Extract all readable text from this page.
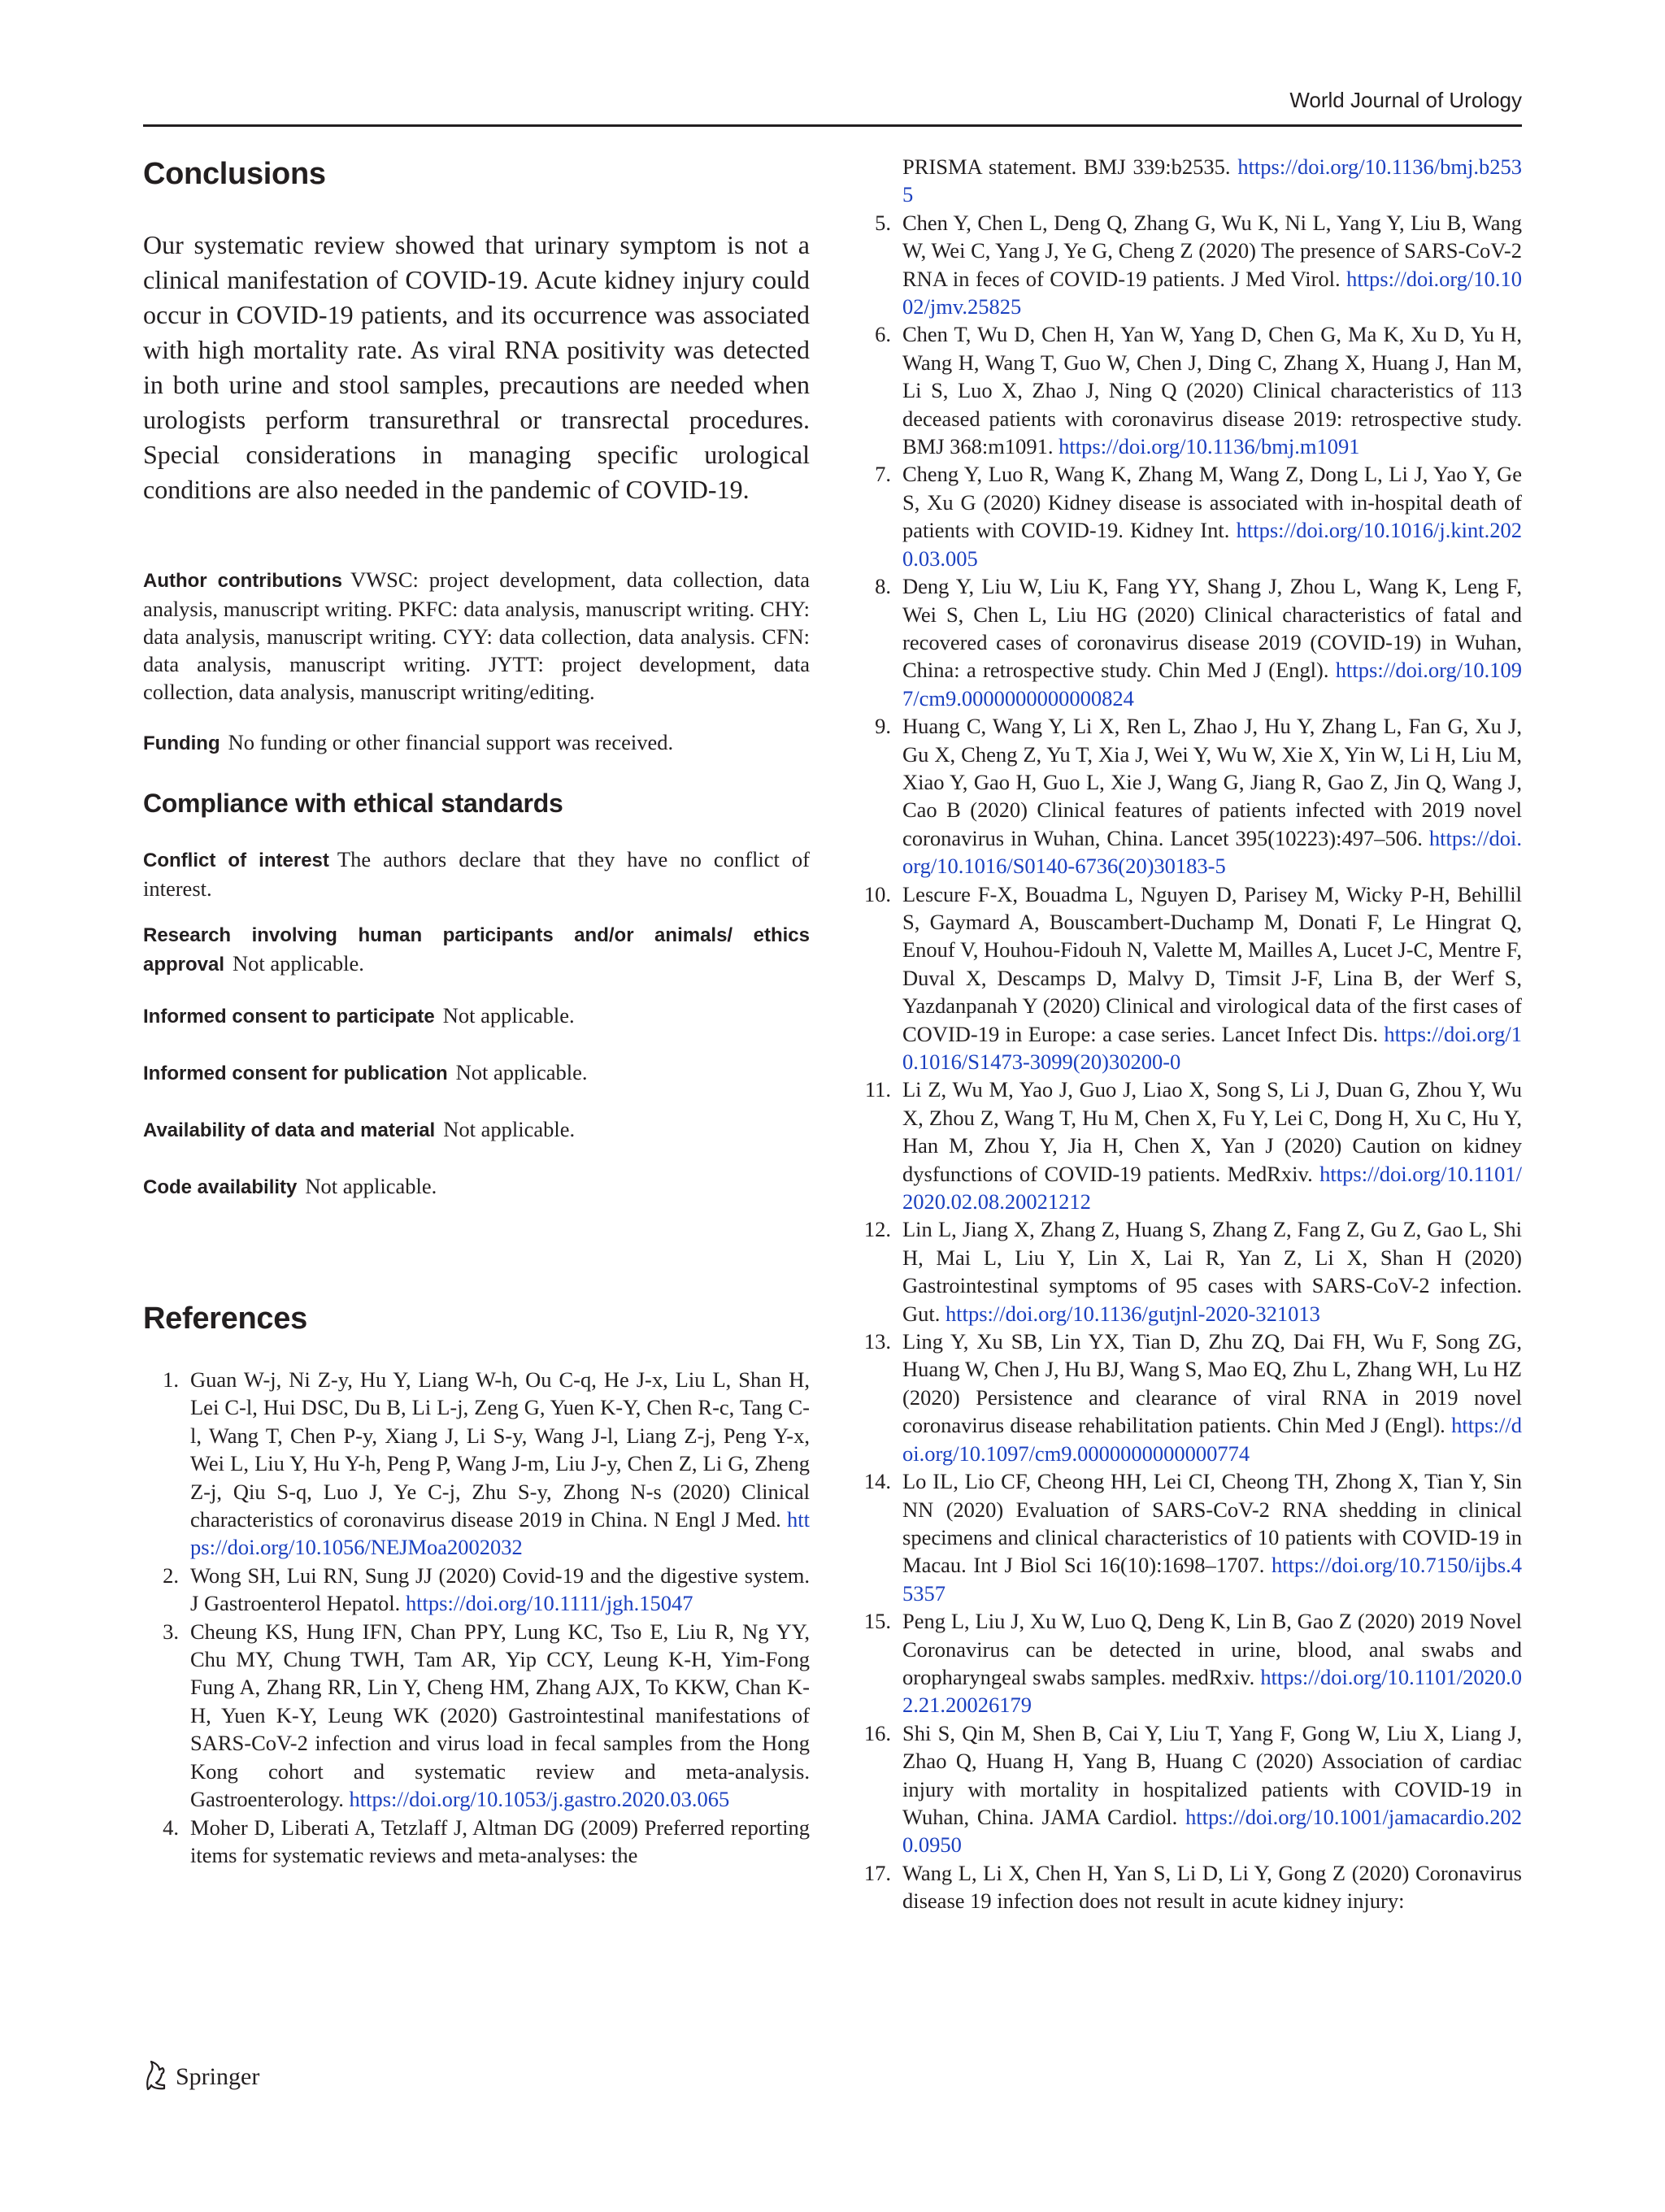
World Journal of Urology
Conclusions

Our systematic review showed that urinary symptom is not a clinical manifestation of COVID-19. Acute kidney injury could occur in COVID-19 patients, and its occurrence was associated with high mortality rate. As viral RNA positivity was detected in both urine and stool samples, precautions are needed when urologists perform transurethral or transrectal procedures. Special considerations in managing specific urological conditions are also needed in the pandemic of COVID-19.

Author contributions VWSC: project development, data collection, data analysis, manuscript writing. PKFC: data analysis, manuscript writing. CHY: data analysis, manuscript writing. CYY: data collection, data analysis. CFN: data analysis, manuscript writing. JYTT: project development, data collection, data analysis, manuscript writing/editing.

Funding No funding or other financial support was received.

Compliance with ethical standards

Conflict of interest The authors declare that they have no conflict of interest.

Research involving human participants and/or animals/ ethics approval Not applicable.

Informed consent to participate Not applicable.

Informed consent for publication Not applicable.

Availability of data and material Not applicable.

Code availability Not applicable.

References
1. Guan W-j, Ni Z-y, Hu Y, Liang W-h, Ou C-q, He J-x, Liu L, Shan H, Lei C-l, Hui DSC, Du B, Li L-j, Zeng G, Yuen K-Y, Chen R-c, Tang C-l, Wang T, Chen P-y, Xiang J, Li S-y, Wang J-l, Liang Z-j, Peng Y-x, Wei L, Liu Y, Hu Y-h, Peng P, Wang J-m, Liu J-y, Chen Z, Li G, Zheng Z-j, Qiu S-q, Luo J, Ye C-j, Zhu S-y, Zhong N-s (2020) Clinical characteristics of coronavirus disease 2019 in China. N Engl J Med. https://doi.org/10.1056/NEJMoa2002032
2. Wong SH, Lui RN, Sung JJ (2020) Covid-19 and the digestive system. J Gastroenterol Hepatol. https://doi.org/10.1111/jgh.15047
3. Cheung KS, Hung IFN, Chan PPY, Lung KC, Tso E, Liu R, Ng YY, Chu MY, Chung TWH, Tam AR, Yip CCY, Leung K-H, Yim-Fong Fung A, Zhang RR, Lin Y, Cheng HM, Zhang AJX, To KKW, Chan K-H, Yuen K-Y, Leung WK (2020) Gastrointestinal manifestations of SARS-CoV-2 infection and virus load in fecal samples from the Hong Kong cohort and systematic review and meta-analysis. Gastroenterology. https://doi.org/10.1053/j.gastro.2020.03.065
4. Moher D, Liberati A, Tetzlaff J, Altman DG (2009) Preferred reporting items for systematic reviews and meta-analyses: the
PRISMA statement. BMJ 339:b2535. https://doi.org/10.1136/bmj.b2535
5. Chen Y, Chen L, Deng Q, Zhang G, Wu K, Ni L, Yang Y, Liu B, Wang W, Wei C, Yang J, Ye G, Cheng Z (2020) The presence of SARS-CoV-2 RNA in feces of COVID-19 patients. J Med Virol. https://doi.org/10.1002/jmv.25825
6. Chen T, Wu D, Chen H, Yan W, Yang D, Chen G, Ma K, Xu D, Yu H, Wang H, Wang T, Guo W, Chen J, Ding C, Zhang X, Huang J, Han M, Li S, Luo X, Zhao J, Ning Q (2020) Clinical characteristics of 113 deceased patients with coronavirus disease 2019: retrospective study. BMJ 368:m1091. https://doi.org/10.1136/bmj.m1091
7. Cheng Y, Luo R, Wang K, Zhang M, Wang Z, Dong L, Li J, Yao Y, Ge S, Xu G (2020) Kidney disease is associated with in-hospital death of patients with COVID-19. Kidney Int. https://doi.org/10.1016/j.kint.2020.03.005
8. Deng Y, Liu W, Liu K, Fang YY, Shang J, Zhou L, Wang K, Leng F, Wei S, Chen L, Liu HG (2020) Clinical characteristics of fatal and recovered cases of coronavirus disease 2019 (COVID-19) in Wuhan, China: a retrospective study. Chin Med J (Engl). https://doi.org/10.1097/cm9.0000000000000824
9. Huang C, Wang Y, Li X, Ren L, Zhao J, Hu Y, Zhang L, Fan G, Xu J, Gu X, Cheng Z, Yu T, Xia J, Wei Y, Wu W, Xie X, Yin W, Li H, Liu M, Xiao Y, Gao H, Guo L, Xie J, Wang G, Jiang R, Gao Z, Jin Q, Wang J, Cao B (2020) Clinical features of patients infected with 2019 novel coronavirus in Wuhan, China. Lancet 395(10223):497–506. https://doi.org/10.1016/S0140-6736(20)30183-5
10. Lescure F-X, Bouadma L, Nguyen D, Parisey M, Wicky P-H, Behillil S, Gaymard A, Bouscambert-Duchamp M, Donati F, Le Hingrat Q, Enouf V, Houhou-Fidouh N, Valette M, Mailles A, Lucet J-C, Mentre F, Duval X, Descamps D, Malvy D, Timsit J-F, Lina B, der Werf S, Yazdanpanah Y (2020) Clinical and virological data of the first cases of COVID-19 in Europe: a case series. Lancet Infect Dis. https://doi.org/10.1016/S1473-3099(20)30200-0
11. Li Z, Wu M, Yao J, Guo J, Liao X, Song S, Li J, Duan G, Zhou Y, Wu X, Zhou Z, Wang T, Hu M, Chen X, Fu Y, Lei C, Dong H, Xu C, Hu Y, Han M, Zhou Y, Jia H, Chen X, Yan J (2020) Caution on kidney dysfunctions of COVID-19 patients. MedRxiv. https://doi.org/10.1101/2020.02.08.20021212
12. Lin L, Jiang X, Zhang Z, Huang S, Zhang Z, Fang Z, Gu Z, Gao L, Shi H, Mai L, Liu Y, Lin X, Lai R, Yan Z, Li X, Shan H (2020) Gastrointestinal symptoms of 95 cases with SARS-CoV-2 infection. Gut. https://doi.org/10.1136/gutjnl-2020-321013
13. Ling Y, Xu SB, Lin YX, Tian D, Zhu ZQ, Dai FH, Wu F, Song ZG, Huang W, Chen J, Hu BJ, Wang S, Mao EQ, Zhu L, Zhang WH, Lu HZ (2020) Persistence and clearance of viral RNA in 2019 novel coronavirus disease rehabilitation patients. Chin Med J (Engl). https://doi.org/10.1097/cm9.0000000000000774
14. Lo IL, Lio CF, Cheong HH, Lei CI, Cheong TH, Zhong X, Tian Y, Sin NN (2020) Evaluation of SARS-CoV-2 RNA shedding in clinical specimens and clinical characteristics of 10 patients with COVID-19 in Macau. Int J Biol Sci 16(10):1698–1707. https://doi.org/10.7150/ijbs.45357
15. Peng L, Liu J, Xu W, Luo Q, Deng K, Lin B, Gao Z (2020) 2019 Novel Coronavirus can be detected in urine, blood, anal swabs and oropharyngeal swabs samples. medRxiv. https://doi.org/10.1101/2020.02.21.20026179
16. Shi S, Qin M, Shen B, Cai Y, Liu T, Yang F, Gong W, Liu X, Liang J, Zhao Q, Huang H, Yang B, Huang C (2020) Association of cardiac injury with mortality in hospitalized patients with COVID-19 in Wuhan, China. JAMA Cardiol. https://doi.org/10.1001/jamacardio.2020.0950
17. Wang L, Li X, Chen H, Yan S, Li D, Li Y, Gong Z (2020) Coronavirus disease 19 infection does not result in acute kidney injury:
Springer
